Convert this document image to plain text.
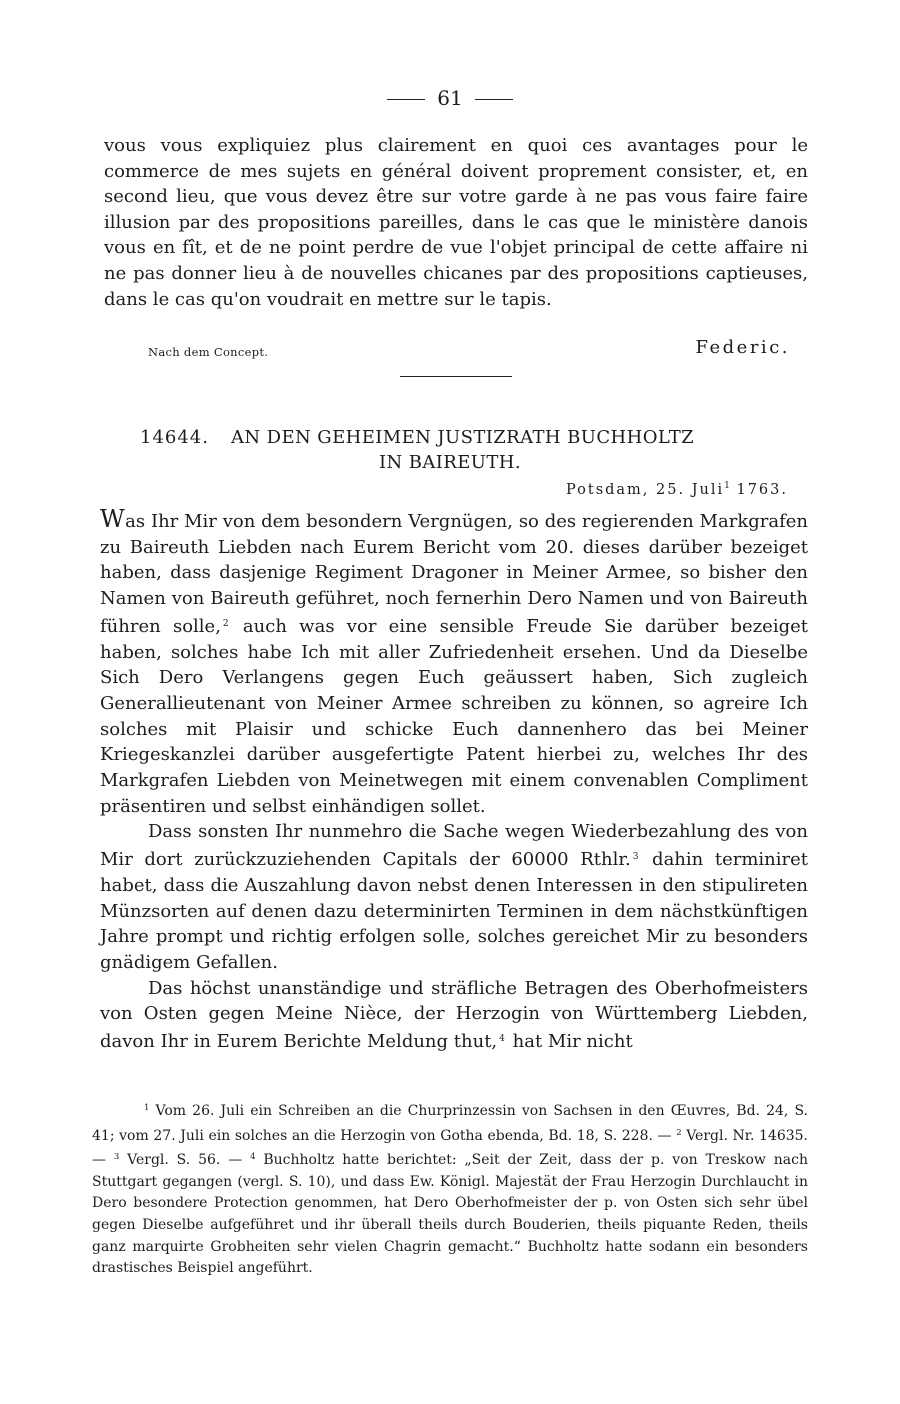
61
vous vous expliquiez plus clairement en quoi ces avantages pour le commerce de mes sujets en général doivent proprement consister, et, en second lieu, que vous devez être sur votre garde à ne pas vous faire faire illusion par des propositions pareilles, dans le cas que le ministère danois vous en fît, et de ne point perdre de vue l'objet principal de cette affaire ni ne pas donner lieu à de nouvelles chicanes par des propositions captieuses, dans le cas qu'on voudrait en mettre sur le tapis.
Nach dem Concept.	Federic.
14644. AN DEN GEHEIMEN JUSTIZRATH BUCHHOLTZ
IN BAIREUTH.
Potsdam, 25. Juli$^1$ 1763.

Was Ihr Mir von dem besondern Vergnügen, so des regierenden Markgrafen zu Baireuth Liebden nach Eurem Bericht vom 20. dieses darüber bezeiget haben, dass dasjenige Regiment Dragoner in Meiner Armee, so bisher den Namen von Baireuth geführet, noch fernerhin Dero Namen und von Baireuth führen solle, $^2$ auch was vor eine sensible Freude Sie darüber bezeiget haben, solches habe Ich mit aller Zufriedenheit ersehen. Und da Dieselbe Sich Dero Verlangens gegen Euch geäussert haben, Sich zugleich Generallieutenant von Meiner Armee schreiben zu können, so agreire Ich solches mit Plaisir und schicke Euch dannenhero das bei Meiner Kriegeskanzlei darüber ausgefertigte Patent hierbei zu, welches Ihr des Markgrafen Liebden von Meinetwegen mit einem convenablen Compliment präsentiren und selbst einhändigen sollet.

Dass sonsten Ihr nunmehro die Sache wegen Wiederbezahlung des von Mir dort zurückzuziehenden Capitals der 60000 Rthlr. $^3$ dahin terminiret habet, dass die Auszahlung davon nebst denen Interessen in den stipulireten Münzsorten auf denen dazu determinirten Terminen in dem nächstkünftigen Jahre prompt und richtig erfolgen solle, solches gereichet Mir zu besonders gnädigem Gefallen.

Das höchst unanständige und sträfliche Betragen des Oberhofmeisters von Osten gegen Meine Nièce, der Herzogin von Württemberg Liebden, davon Ihr in Eurem Berichte Meldung thut, $^4$ hat Mir nicht

$^1$ Vom 26. Juli ein Schreiben an die Churprinzessin von Sachsen in den Œuvres, Bd. 24, S. 41; vom 27. Juli ein solches an die Herzogin von Gotha ebenda, Bd. 18, S. 228. — $^2$ Vergl. Nr. 14635. — $^3$ Vergl. S. 56. — $^4$ Buchholtz hatte berichtet: „Seit der Zeit, dass der p. von Treskow nach Stuttgart gegangen (vergl. S. 10), und dass Ew. Königl. Majestät der Frau Herzogin Durchlaucht in Dero besondere Protection genommen, hat Dero Oberhofmeister der p. von Osten sich sehr übel gegen Dieselbe aufgeführet und ihr überall theils durch Bouderien, theils piquante Reden, theils ganz marquirte Grobheiten sehr vielen Chagrin gemacht.“ Buchholtz hatte sodann ein besonders drastisches Beispiel angeführt.
